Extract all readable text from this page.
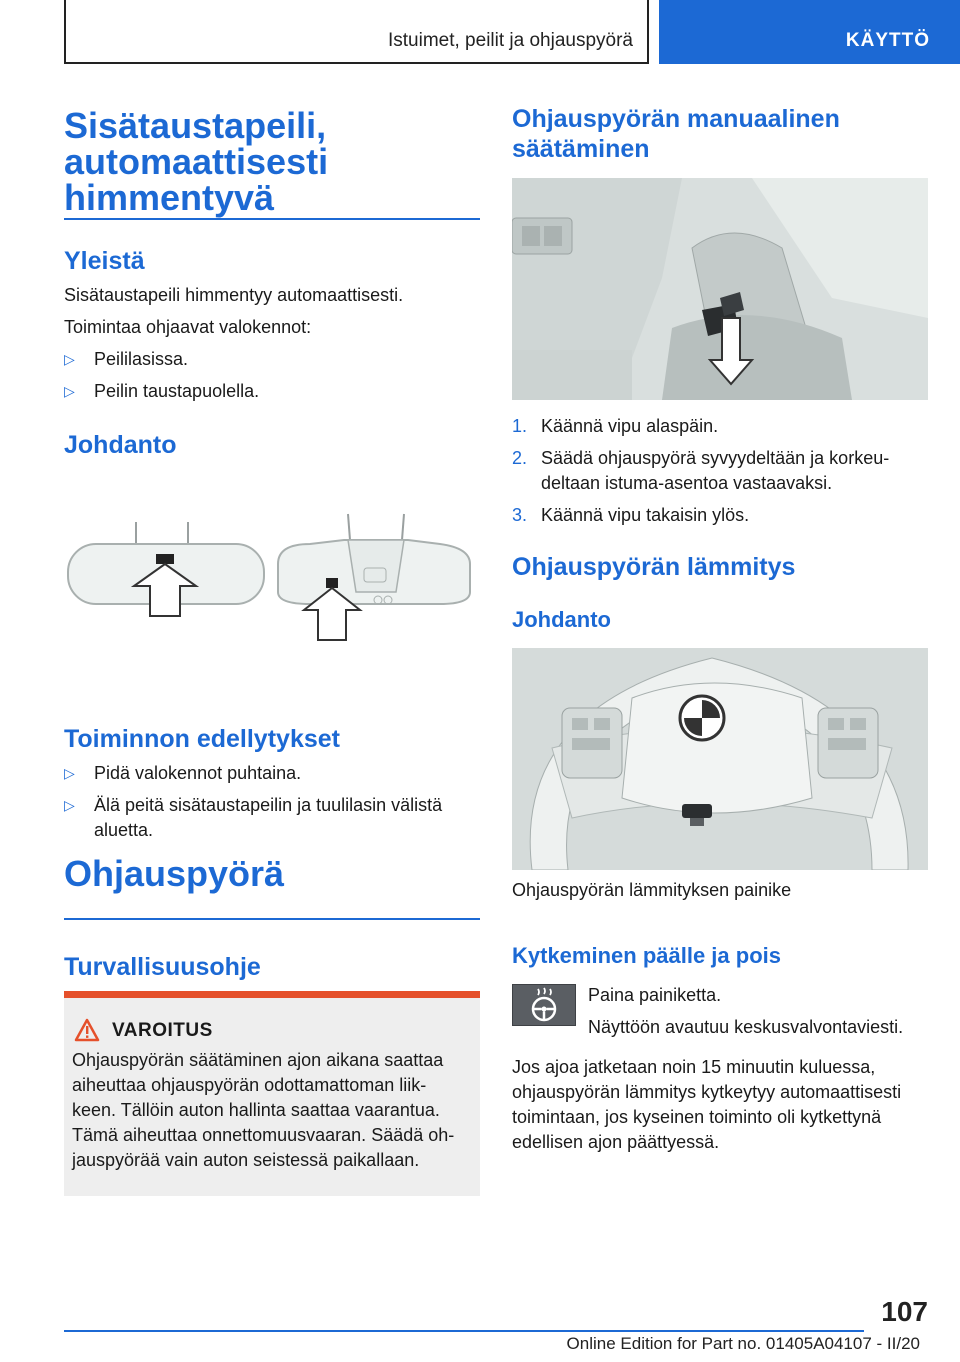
Istuimet, peilit ja ohjauspyörä	KÄYTTÖ
Sisätaustapeili,
automaattisesti
himmentyvä
Yleistä
Sisätaustapeili himmentyy automaattisesti.
Toimintaa ohjaavat valokennot:
▷ Peililasissa.
▷ Peilin taustapuolella.
Johdanto
Toiminnon edellytykset
▷ Pidä valokennot puhtaina.
▷ Älä peitä sisätaustapeilin ja tuulilasin välistä
aluetta.
Ohjauspyörä
Turvallisuusohje
VAROITUS
Ohjauspyörän säätäminen ajon aikana saattaa
aiheuttaa ohjauspyörän odottamattoman liik-
keen. Tällöin auton hallinta saattaa vaarantua.
Tämä aiheuttaa onnettomuusvaaran. Säädä oh-
jauspyörää vain auton seistessä paikallaan.
Ohjauspyörän manuaalinen
säätäminen
1. Käännä vipu alaspäin.
2. Säädä ohjauspyörä syvyydeltään ja korkeu-
deltaan istuma-asentoa vastaavaksi.
3. Käännä vipu takaisin ylös.
Ohjauspyörän lämmitys
Johdanto
Ohjauspyörän lämmityksen painike
Kytkeminen päälle ja pois
Paina painiketta.
Näyttöön avautuu keskusvalvontaviesti.
Jos ajoa jatketaan noin 15 minuutin kuluessa,
ohjauspyörän lämmitys kytkeytyy automaattisesti
toimintaan, jos kyseinen toiminto oli kytkettynä
edellisen ajon päättyessä.
107
Online Edition for Part no. 01405A04107 - II/20
